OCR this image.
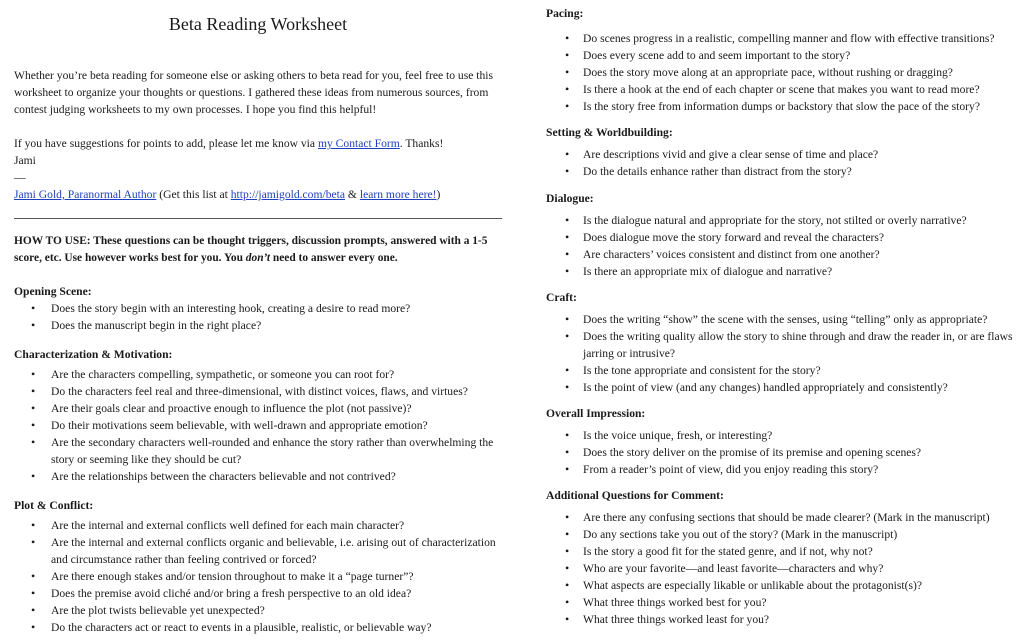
Beta Reading Worksheet

Whether you’re beta reading for someone else or asking others to beta read for you, feel free to use this worksheet to organize your thoughts or questions. I gathered these ideas from numerous sources, from contest judging worksheets to my own processes. I hope you find this helpful!

If you have suggestions for points to add, please let me know via my Contact Form. Thanks!

Jami

—

Jami Gold, Paranormal Author (Get this list at http://jamigold.com/beta & learn more here!)

HOW TO USE: These questions can be thought triggers, discussion prompts, answered with a 1-5 score, etc. Use however works best for you. You don’t need to answer every one.

Opening Scene:

• Does the story begin with an interesting hook, creating a desire to read more?
• Does the manuscript begin in the right place?

Characterization & Motivation:

• Are the characters compelling, sympathetic, or someone you can root for?
• Do the characters feel real and three-dimensional, with distinct voices, flaws, and virtues?
• Are their goals clear and proactive enough to influence the plot (not passive)?
• Do their motivations seem believable, with well-drawn and appropriate emotion?
• Are the secondary characters well-rounded and enhance the story rather than overwhelming the story or seeming like they should be cut?
• Are the relationships between the characters believable and not contrived?

Plot & Conflict:

• Are the internal and external conflicts well defined for each main character?
• Are the internal and external conflicts organic and believable, i.e. arising out of characterization and circumstance rather than feeling contrived or forced?
• Are there enough stakes and/or tension throughout to make it a “page turner”?
• Does the premise avoid cliché and/or bring a fresh perspective to an old idea?
• Are the plot twists believable yet unexpected?
• Do the characters act or react to events in a plausible, realistic, or believable way?

Pacing:

• Do scenes progress in a realistic, compelling manner and flow with effective transitions?
• Does every scene add to and seem important to the story?
• Does the story move along at an appropriate pace, without rushing or dragging?
• Is there a hook at the end of each chapter or scene that makes you want to read more?
• Is the story free from information dumps or backstory that slow the pace of the story?

Setting & Worldbuilding:

• Are descriptions vivid and give a clear sense of time and place?
• Do the details enhance rather than distract from the story?

Dialogue:

• Is the dialogue natural and appropriate for the story, not stilted or overly narrative?
• Does dialogue move the story forward and reveal the characters?
• Are characters’ voices consistent and distinct from one another?
• Is there an appropriate mix of dialogue and narrative?

Craft:

• Does the writing “show” the scene with the senses, using “telling” only as appropriate?
• Does the writing quality allow the story to shine through and draw the reader in, or are flaws jarring or intrusive?
• Is the tone appropriate and consistent for the story?
• Is the point of view (and any changes) handled appropriately and consistently?

Overall Impression:

• Is the voice unique, fresh, or interesting?
• Does the story deliver on the promise of its premise and opening scenes?
• From a reader’s point of view, did you enjoy reading this story?

Additional Questions for Comment:

• Are there any confusing sections that should be made clearer? (Mark in the manuscript)
• Do any sections take you out of the story? (Mark in the manuscript)
• Is the story a good fit for the stated genre, and if not, why not?
• Who are your favorite—and least favorite—characters and why?
• What aspects are especially likable or unlikable about the protagonist(s)?
• What three things worked best for you?
• What three things worked least for you?
